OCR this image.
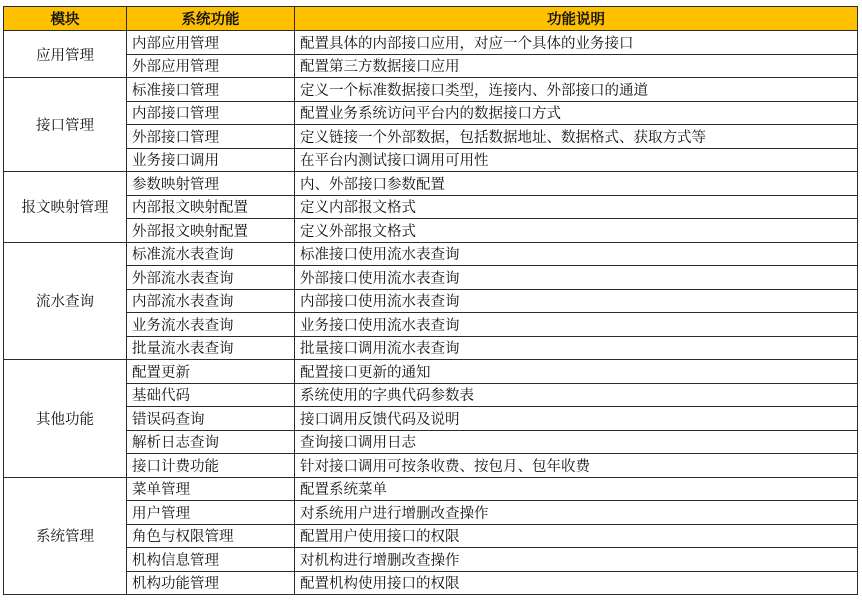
模块	系统功能	功能说明
应用管理	内部应用管理	配置具体的内部接口应用，对应一个具体的业务接口
	外部应用管理	配置第三方数据接口应用
接口管理	标准接口管理	定义一个标准数据接口类型，连接内、外部接口的通道
	内部接口管理	配置业务系统访问平台内的数据接口方式
	外部接口管理	定义链接一个外部数据，包括数据地址、数据格式、获取方式等
	业务接口调用	在平台内测试接口调用可用性
报文映射管理	参数映射管理	内、外部接口参数配置
	内部报文映射配置	定义内部报文格式
	外部报文映射配置	定义外部报文格式
流水查询	标准流水表查询	标准接口使用流水表查询
	外部流水表查询	外部接口使用流水表查询
	内部流水表查询	内部接口使用流水表查询
	业务流水表查询	业务接口使用流水表查询
	批量流水表查询	批量接口调用流水表查询
其他功能	配置更新	配置接口更新的通知
	基础代码	系统使用的字典代码参数表
	错误码查询	接口调用反馈代码及说明
	解析日志查询	查询接口调用日志
	接口计费功能	针对接口调用可按条收费、按包月、包年收费
系统管理	菜单管理	配置系统菜单
	用户管理	对系统用户进行增删改查操作
	角色与权限管理	配置用户使用接口的权限
	机构信息管理	对机构进行增删改查操作
	机构功能管理	配置机构使用接口的权限
